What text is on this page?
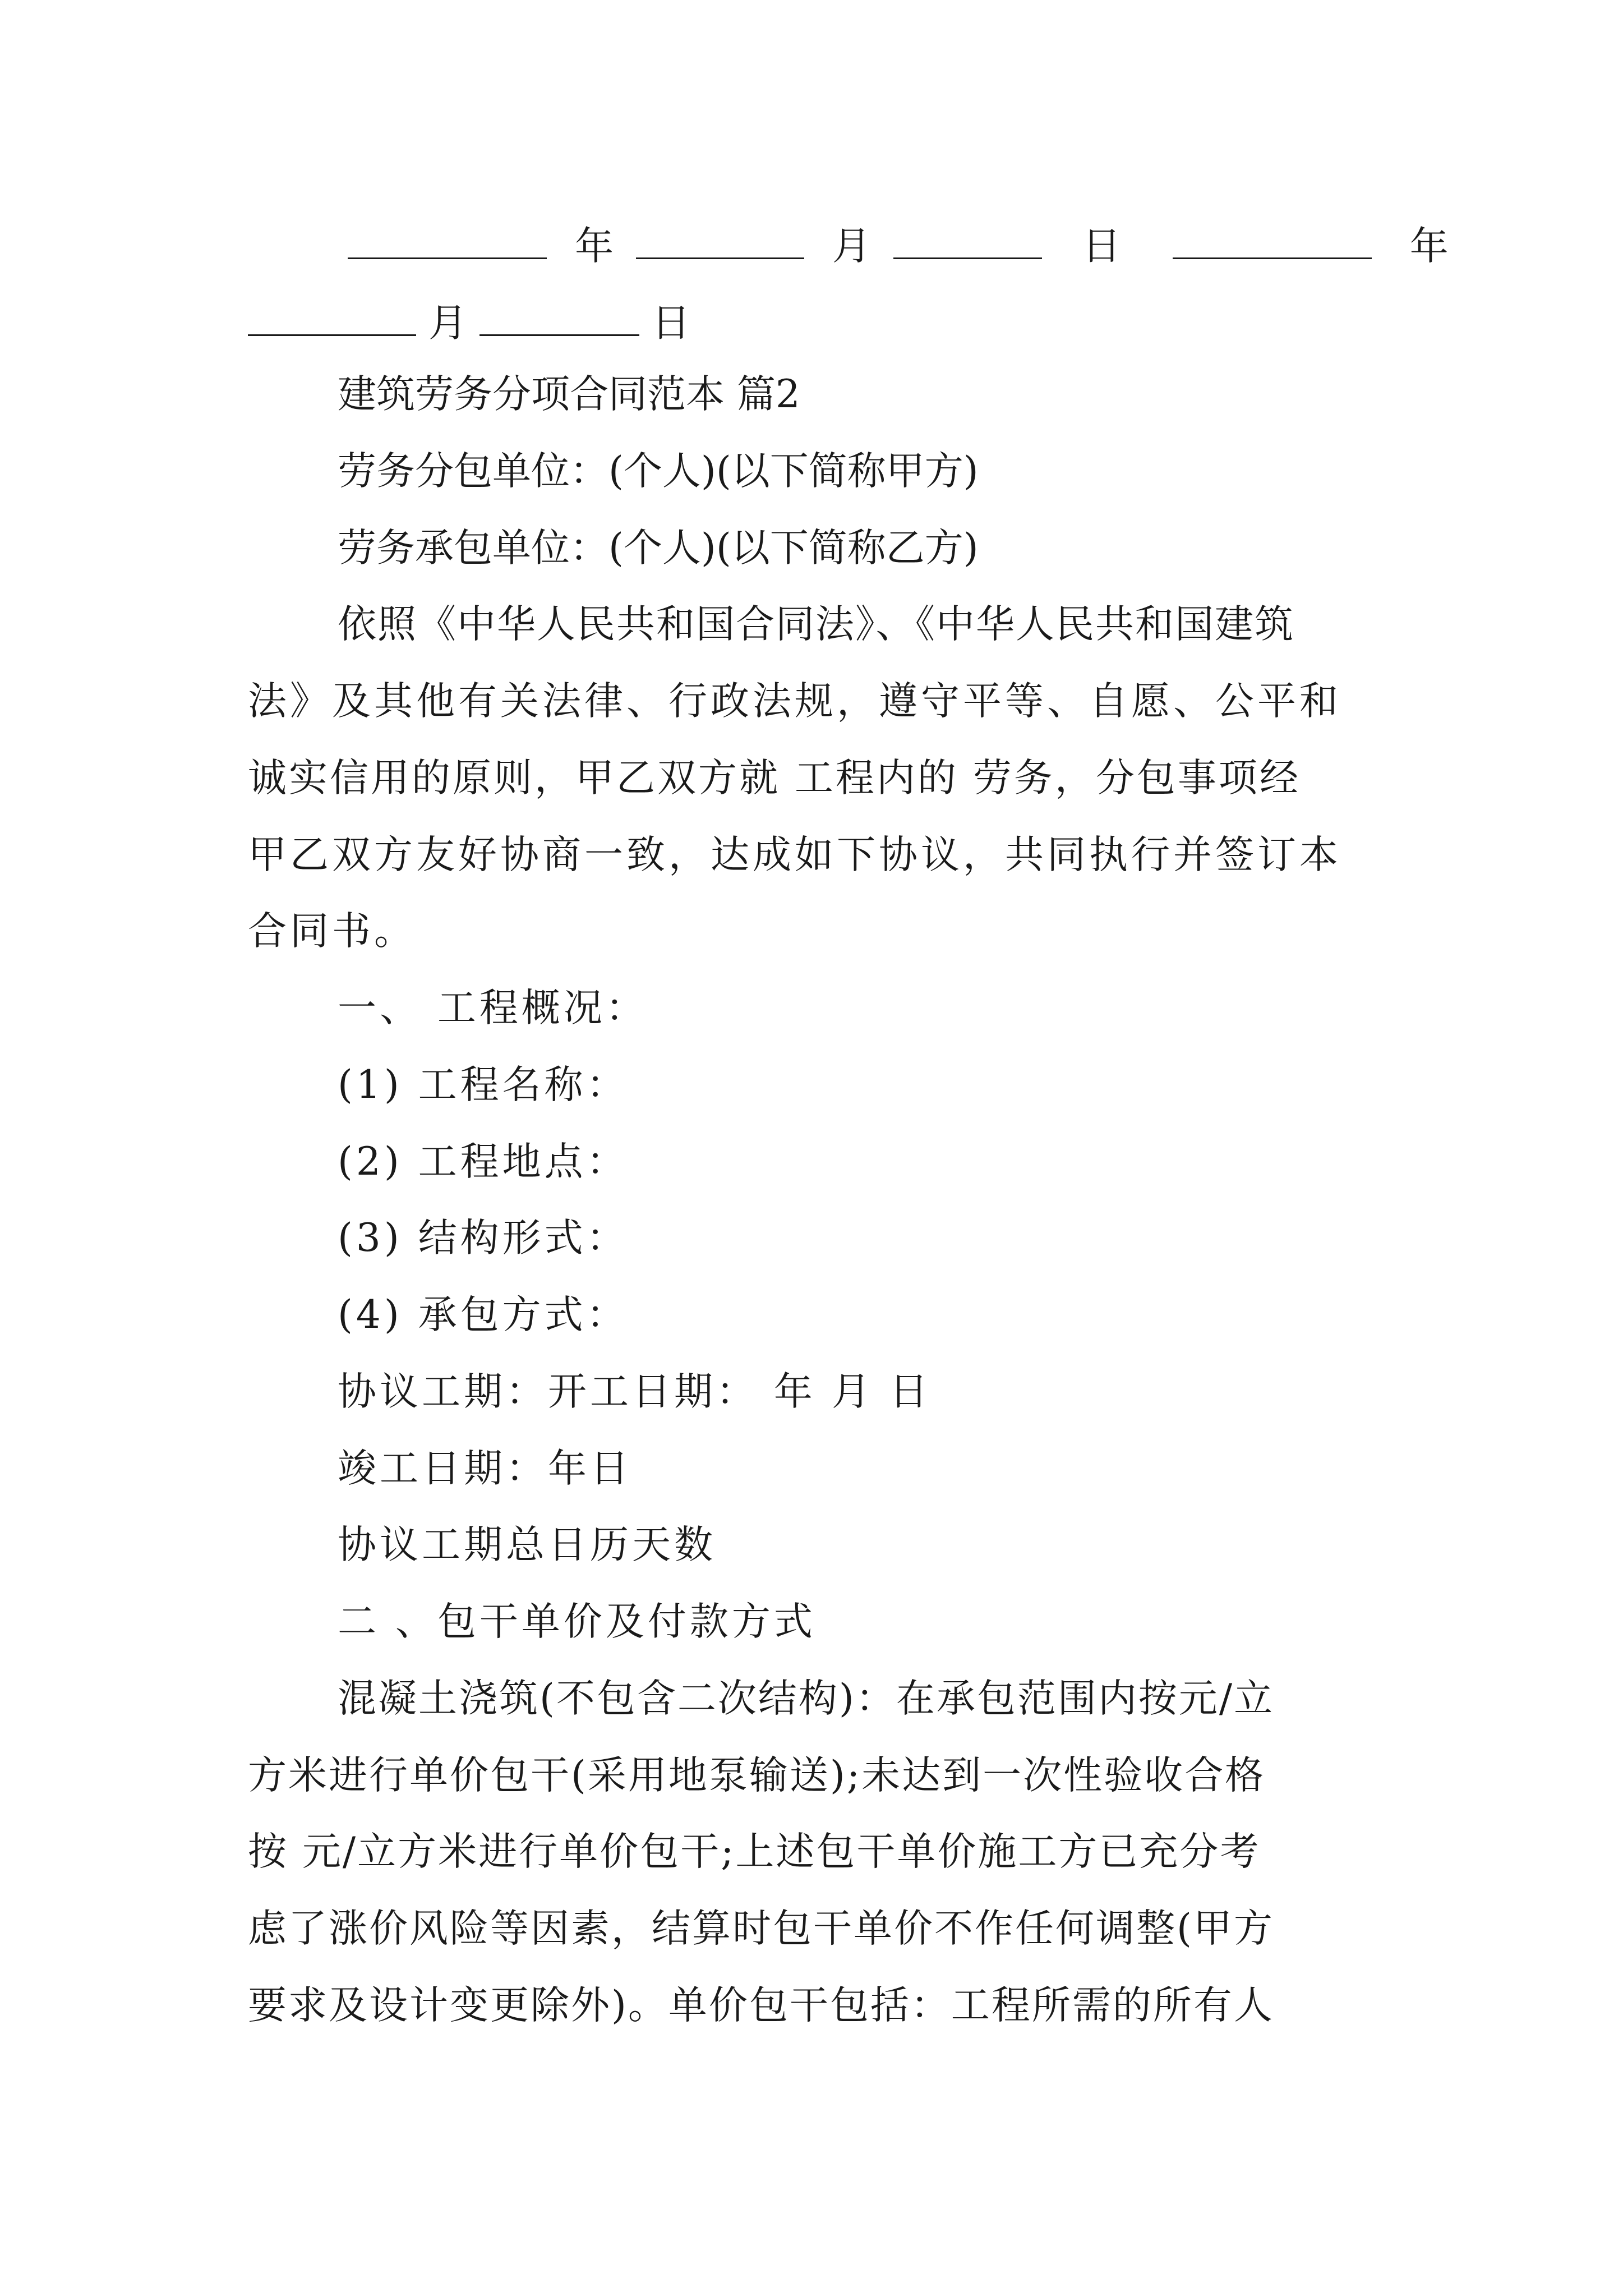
年	月	日	年
月	日
建筑劳务分项合同范本 篇2
劳务分包单位：(个人)(以下简称甲方)
劳务承包单位：(个人)(以下简称乙方)
依照《中华人民共和国合同法》、《中华人民共和国建筑
法》及其他有关法律、行政法规，遵守平等、自愿、公平和
诚实信用的原则，甲乙双方就 工程内的 劳务，分包事项经
甲乙双方友好协商一致，达成如下协议，共同执行并签订本
合同书。
一、 工程概况：
(1) 工程名称：
(2) 工程地点：
(3) 结构形式：
(4) 承包方式：
协议工期：开工日期： 年 月 日
竣工日期：年日
协议工期总日历天数
二 、包干单价及付款方式
混凝土浇筑(不包含二次结构)：在承包范围内按元/立
方米进行单价包干(采用地泵输送);未达到一次性验收合格
按 元/立方米进行单价包干;上述包干单价施工方已充分考
虑了涨价风险等因素，结算时包干单价不作任何调整(甲方
要求及设计变更除外)。单价包干包括：工程所需的所有人
